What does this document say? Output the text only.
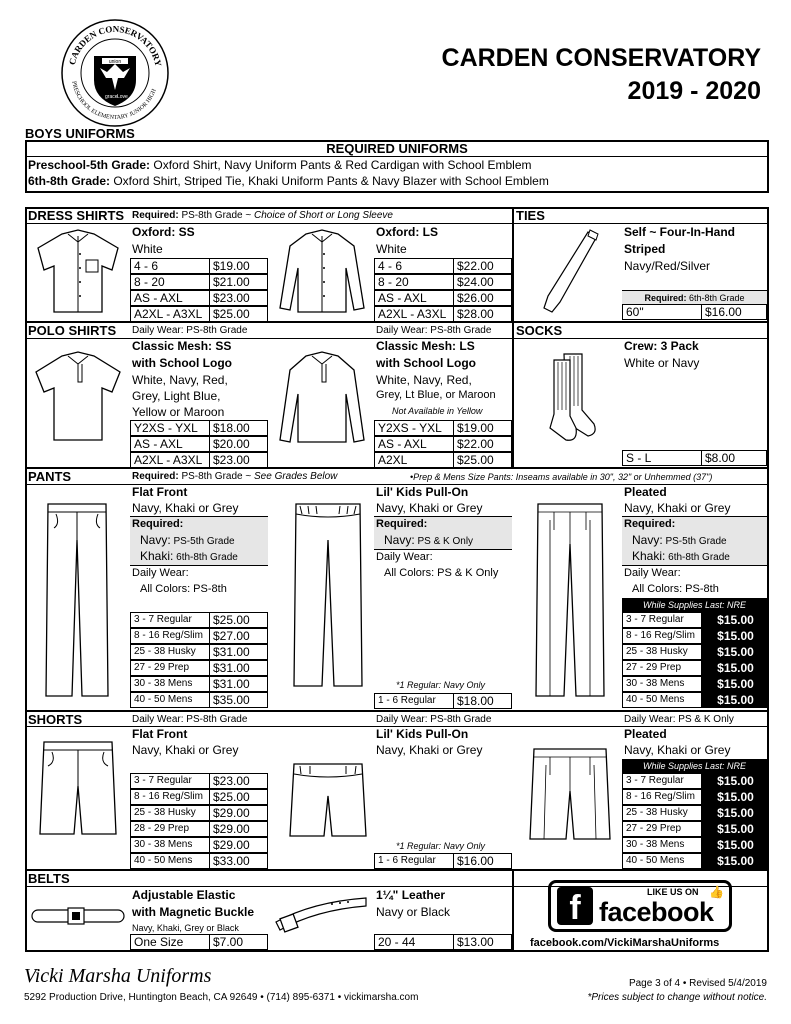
CARDEN CONSERVATORY
PRESCHOOL ELEMENTARY JUNIOR HIGH
union
grace Love
CARDEN CONSERVATORY
2019 - 2020
BOYS UNIFORMS
REQUIRED UNIFORMS
Preschool-5th Grade: Oxford Shirt, Navy Uniform Pants & Red Cardigan with School Emblem
6th-8th Grade: Oxford Shirt, Striped Tie, Khaki Uniform Pants & Navy Blazer with School Emblem
DRESS SHIRTS Required: PS-8th Grade ~ Choice of Short or Long Sleeve
Oxford: SS
White
4 - 6	$19.00
8 - 20	$21.00
AS - AXL	$23.00
A2XL - A3XL $25.00
Oxford: LS
White
4 - 6	$22.00
8 - 20	$24.00
AS - AXL	$26.00
A2XL - A3XL $28.00
TIES
Self ~ Four-In-Hand
Striped
Navy/Red/Silver
Required: 6th-8th Grade
60"	$16.00
POLO SHIRTS Daily Wear: PS-8th Grade	Daily Wear: PS-8th Grade
Classic Mesh: SS
with School Logo
White, Navy, Red,
Grey, Light Blue,
Yellow or Maroon
Y2XS - YXL	$18.00
AS - AXL	$20.00
A2XL - A3XL $23.00
Classic Mesh: LS
with School Logo
White, Navy, Red,
Grey, Lt Blue, or Maroon
Not Available in Yellow
Y2XS - YXL	$19.00
AS - AXL	$22.00
A2XL	$25.00
SOCKS
Crew: 3 Pack
White or Navy
S - L	$8.00
PANTS	Required: PS-8th Grade ~ See Grades Below	•Prep & Mens Size Pants: Inseams available in 30", 32" or Unhemmed (37")
Flat Front
Navy, Khaki or Grey
Required:
Navy: PS-5th Grade
Khaki: 6th-8th Grade
Daily Wear:
All Colors: PS-8th
3 - 7 Regular	$25.00
8 - 16 Reg/Slim $27.00
25 - 38 Husky	$31.00
27 - 29 Prep	$31.00
30 - 38 Mens	$31.00
40 - 50 Mens	$35.00
Lil' Kids Pull-On
Navy, Khaki or Grey
Required:
Navy: PS & K Only
Daily Wear:
All Colors: PS & K Only
*1 Regular: Navy Only
1 - 6 Regular	$18.00
Pleated
Navy, Khaki or Grey
Required:
Navy: PS-5th Grade
Khaki: 6th-8th Grade
Daily Wear:
All Colors: PS-8th
While Supplies Last: NRE
3 - 7 Regular	$15.00
8 - 16 Reg/Slim	$15.00
25 - 38 Husky	$15.00
27 - 29 Prep	$15.00
30 - 38 Mens	$15.00
40 - 50 Mens	$15.00
SHORTS	Daily Wear: PS-8th Grade	Daily Wear: PS-8th Grade	Daily Wear: PS & K Only
Flat Front
Navy, Khaki or Grey
3 - 7 Regular	$23.00
8 - 16 Reg/Slim $25.00
25 - 38 Husky	$29.00
28 - 29 Prep	$29.00
30 - 38 Mens	$29.00
40 - 50 Mens	$33.00
Lil' Kids Pull-On
Navy, Khaki or Grey
*1 Regular: Navy Only
1 - 6 Regular	$16.00
Pleated
Navy, Khaki or Grey
While Supplies Last: NRE
3 - 7 Regular	$15.00
8 - 16 Reg/Slim	$15.00
25 - 38 Husky	$15.00
27 - 29 Prep	$15.00
30 - 38 Mens	$15.00
40 - 50 Mens	$15.00
BELTS
Adjustable Elastic
with Magnetic Buckle
Navy, Khaki, Grey or Black
One Size	$7.00
1¼" Leather
Navy or Black
20 - 44	$13.00
f	LIKE US ON 👍
facebook
facebook.com/VickiMarshaUniforms
Vicki Marsha Uniforms
5292 Production Drive, Huntington Beach, CA 92649 • (714) 895-6371 • vickimarsha.com
Page 3 of 4 • Revised 5/4/2019
*Prices subject to change without notice.
